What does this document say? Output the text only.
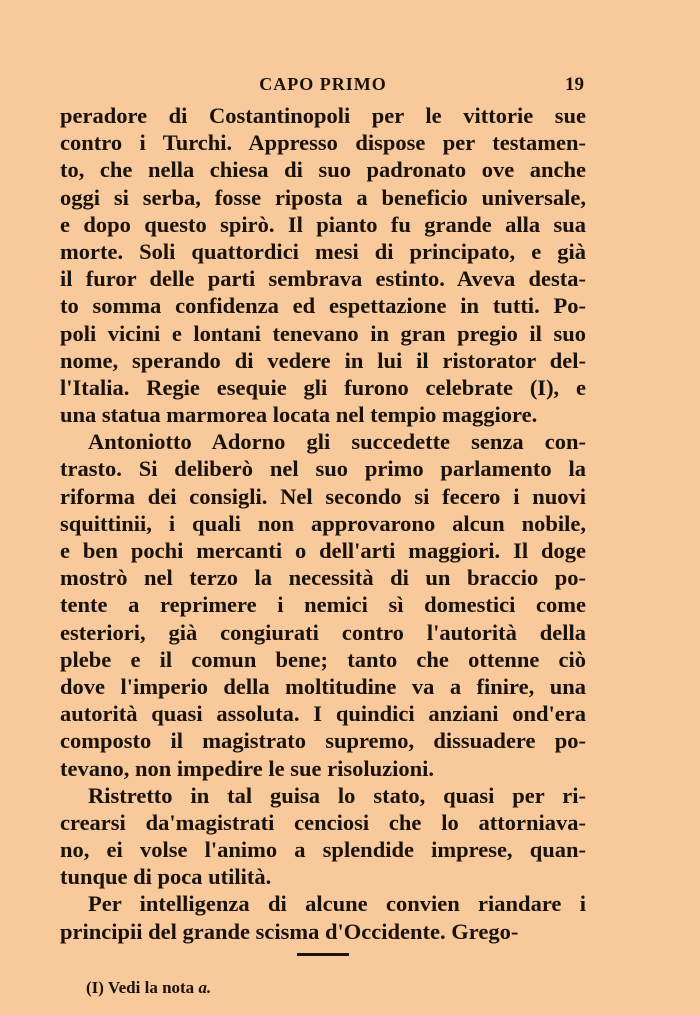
CAPO PRIMO	19
peradore di Costantinopoli per le vittorie sue
contro i Turchi. Appresso dispose per testamen-
to, che nella chiesa di suo padronato ove anche
oggi si serba, fosse riposta a beneficio universale,
e dopo questo spirò. Il pianto fu grande alla sua
morte. Soli quattordici mesi di principato, e già
il furor delle parti sembrava estinto. Aveva desta-
to somma confidenza ed espettazione in tutti. Po-
poli vicini e lontani tenevano in gran pregio il suo
nome, sperando di vedere in lui il ristorator del-
l'Italia. Regie esequie gli furono celebrate (I), e
una statua marmorea locata nel tempio maggiore.
Antoniotto Adorno gli succedette senza con-
trasto. Si deliberò nel suo primo parlamento la
riforma dei consigli. Nel secondo si fecero i nuovi
squittinii, i quali non approvarono alcun nobile,
e ben pochi mercanti o dell'arti maggiori. Il doge
mostrò nel terzo la necessità di un braccio po-
tente a reprimere i nemici sì domestici come
esteriori, già congiurati contro l'autorità della
plebe e il comun bene; tanto che ottenne ciò
dove l'imperio della moltitudine va a finire, una
autorità quasi assoluta. I quindici anziani ond'era
composto il magistrato supremo, dissuadere po-
tevano, non impedire le sue risoluzioni.
Ristretto in tal guisa lo stato, quasi per ri-
crearsi da'magistrati cenciosi che lo attorniava-
no, ei volse l'animo a splendide imprese, quan-
tunque di poca utilità.
Per intelligenza di alcune convien riandare i
principii del grande scisma d'Occidente. Grego-
(I) Vedi la nota a.
